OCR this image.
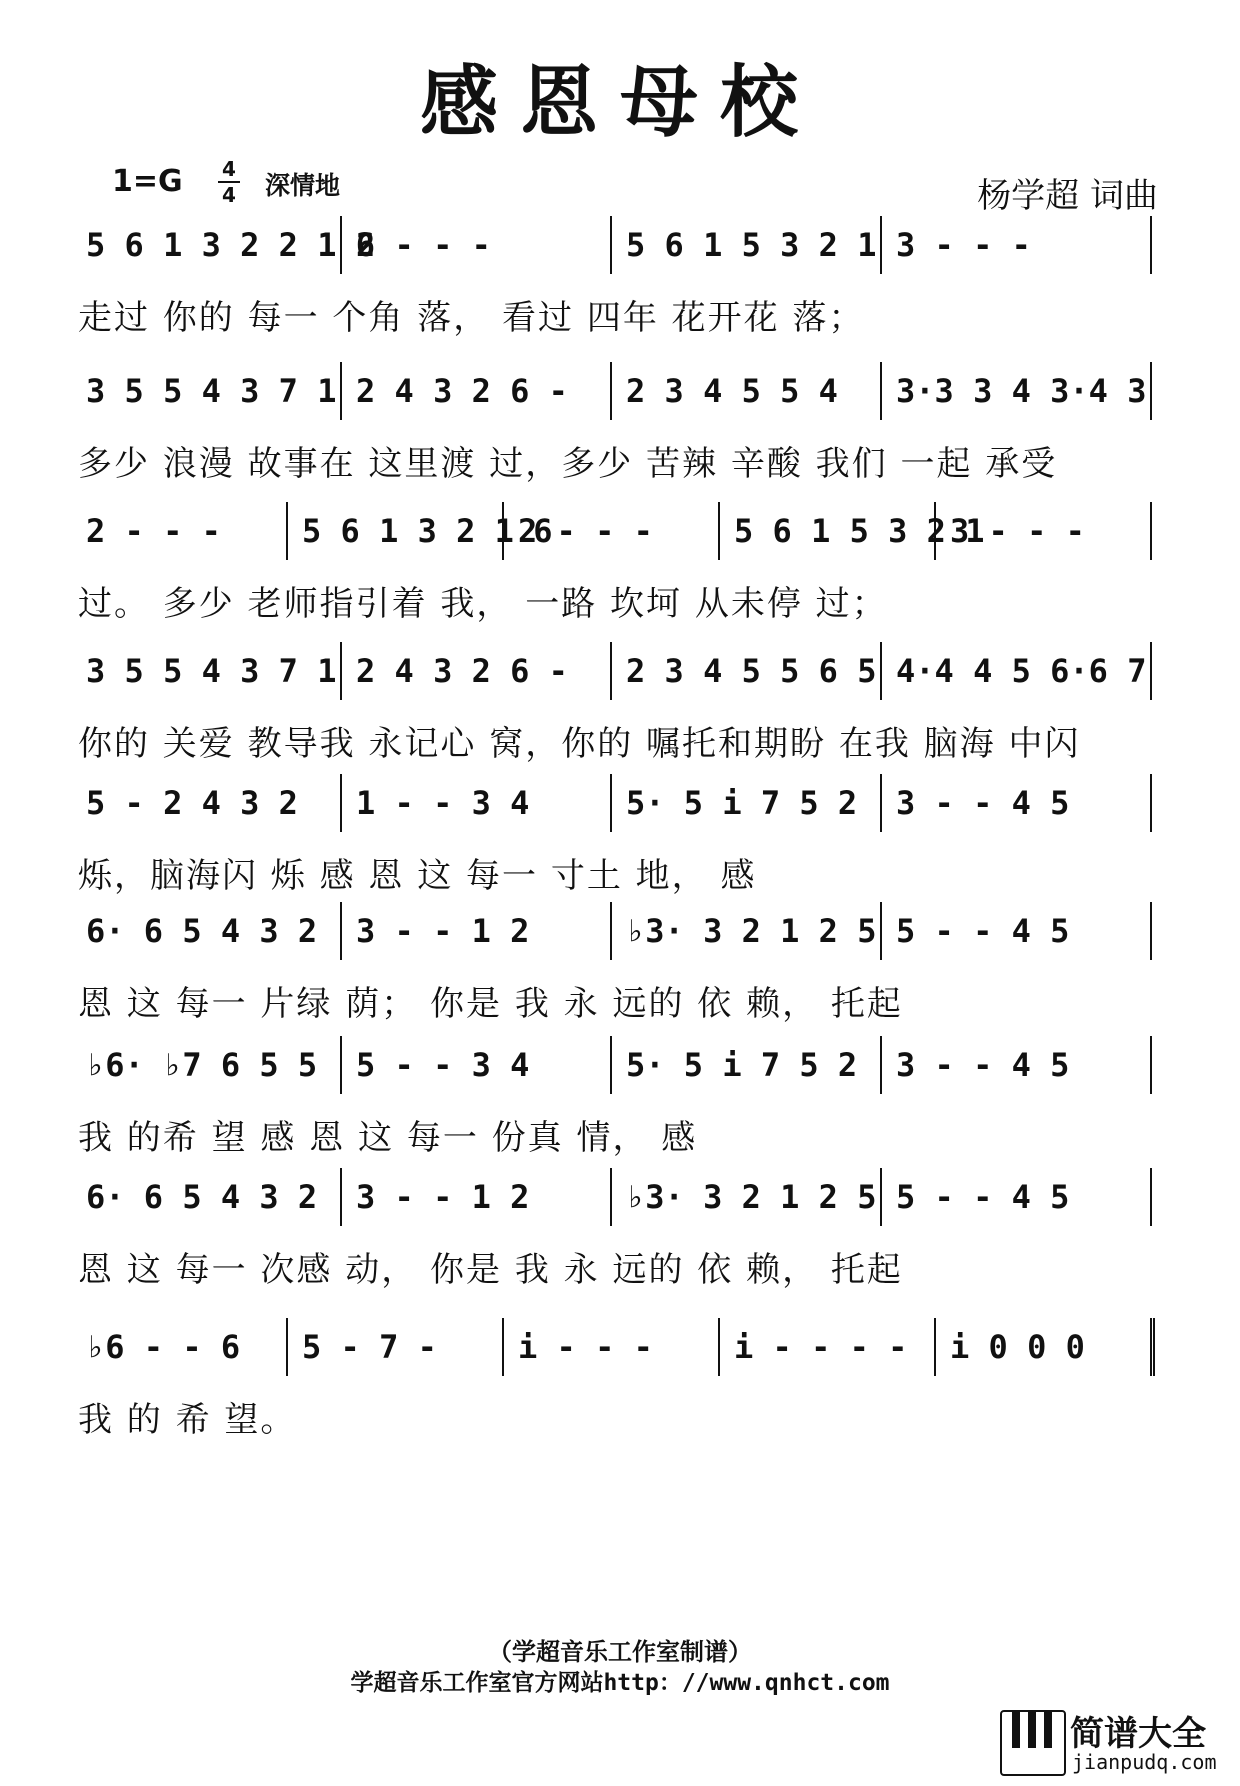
感恩母校
1=G 4
4 深情地	杨学超 词曲
5 6 1 3 2 2 1 6
2 - - -	5 6 1 5 3 2 1 3 - - -
走过 你的 每一 个角 落， 看过 四年 花开花 落；
3 5 5 4 3 7 1 2 4 3 2 6 - 2 3 4 5 5 4 3·3 3 4 3·4 3
多少 浪漫 故事在 这里渡 过，多少 苦辣 辛酸 我们 一起 承受
2 - - -	5 6 1 3 2 1 6
2 - - -	5 6 1 5 3 2 1
3 - - -
过。 多少 老师指引着 我， 一路 坎坷 从未停 过；
3 5 5 4 3 7 1 2 4 3 2 6 - 2 3 4 5 5 6 5 4·4 4 5 6·6 7
你的 关爱 教导我 永记心 窝，你的 嘱托和期盼 在我 脑海 中闪
5 - 2 4 3 2 1 - - 3 4	5· 5 i 7 5 2 3 - - 4 5
烁，脑海闪 烁 感 恩 这 每一 寸土 地， 感
6· 6 5 4 3 2 3 - - 1 2	♭3· 3 2 1 2 5 5 - - 4 5
恩 这 每一 片绿 荫； 你是 我 永 远的 依 赖， 托起
♭6· ♭7 6 5 5 5 - - 3 4	5· 5 i 7 5 2 3 - - 4 5
我 的希 望 感 恩 这 每一 份真 情， 感
6· 6 5 4 3 2 3 - - 1 2	♭3· 3 2 1 2 5 5 - - 4 5
恩 这 每一 次感 动， 你是 我 永 远的 依 赖， 托起
♭6 - - 6 5 - 7 -	i - - -	i - - - - i 0 0 0
我 的 希 望。
（学超音乐工作室制谱）
学超音乐工作室官方网站http：//www.qnhct.com
简谱大全
jianpudq.com
